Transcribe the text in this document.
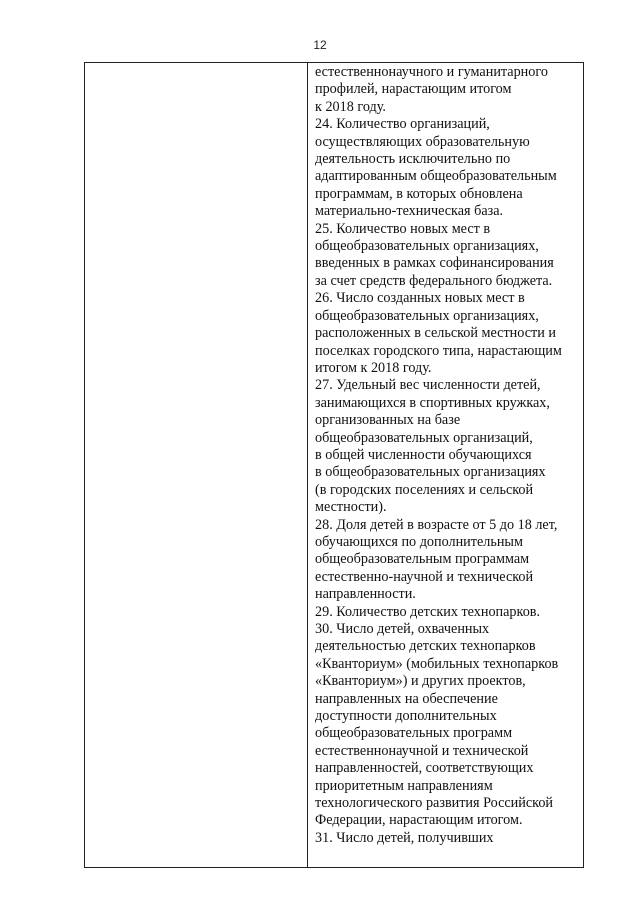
12
естественнонаучного и гуманитарного
профилей, нарастающим итогом
к 2018 году.
24. Количество организаций,
осуществляющих образовательную
деятельность исключительно по
адаптированным общеобразовательным
программам, в которых обновлена
материально-техническая база.
25. Количество новых мест в
общеобразовательных организациях,
введенных в рамках софинансирования
за счет средств федерального бюджета.
26. Число созданных новых мест в
общеобразовательных организациях,
расположенных в сельской местности и
поселках городского типа, нарастающим
итогом к 2018 году.
27. Удельный вес численности детей,
занимающихся в спортивных кружках,
организованных на базе
общеобразовательных организаций,
в общей численности обучающихся
в общеобразовательных организациях
(в городских поселениях и сельской
местности).
28. Доля детей в возрасте от 5 до 18 лет,
обучающихся по дополнительным
общеобразовательным программам
естественно-научной и технической
направленности.
29. Количество детских технопарков.
30. Число детей, охваченных
деятельностью детских технопарков
«Кванториум» (мобильных технопарков
«Кванториум») и других проектов,
направленных на обеспечение
доступности дополнительных
общеобразовательных программ
естественнонаучной и технической
направленностей, соответствующих
приоритетным направлениям
технологического развития Российской
Федерации, нарастающим итогом.
31. Число детей, получивших
